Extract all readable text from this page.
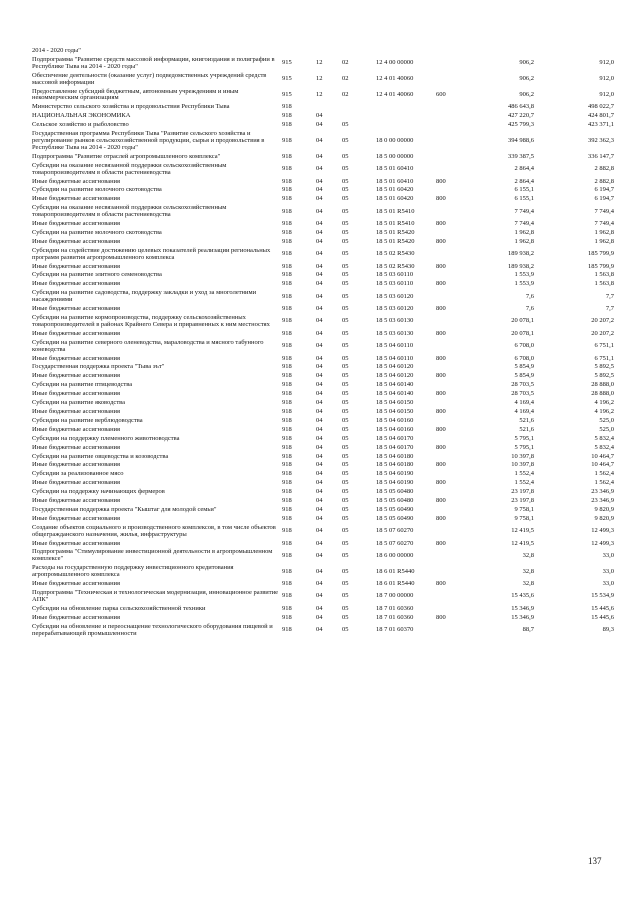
2014 - 2020 годы"							
Подпрограмма "Развитие средств массовой информации, книгоиздания и полиграфии в Республике Тыва на 2014 - 2020 годы"	915	12	02	12 4 00 00000		906,2	912,0
Обеспечение деятельности (оказание услуг) подведомственных учреждений средств массовой информации	915	12	02	12 4 01 40060		906,2	912,0
Предоставление субсидий бюджетным, автономным учреждениям и иным некоммерческим организациям	915	12	02	12 4 01 40060	600	906,2	912,0
Министерство сельского хозяйства и продовольствия Республики Тыва	918					486 643,8	498 022,7
НАЦИОНАЛЬНАЯ ЭКОНОМИКА	918	04				427 220,7	424 801,7
Сельское хозяйство и рыболовство	918	04	05			425 799,3	423 371,1
Государственная программа Республики Тыва "Развитие сельского хозяйства и регулирование рынков сельскохозяйственной продукции, сырья и продовольствия в Республике Тыва на 2014 - 2020 годы"	918	04	05	18 0 00 00000		394 988,6	392 362,3
Подпрограмма "Развитие отраслей агропромышленного комплекса"	918	04	05	18 5 00 00000		339 387,5	336 147,7
Субсидии на оказание несвязанной поддержки сельскохозяйственным товаропроизводителям в области растениеводства	918	04	05	18 5 01 60410		2 864,4	2 882,8
Иные бюджетные ассигнования	918	04	05	18 5 01 60410	800	2 864,4	2 882,8
Субсидии на развитие молочного скотоводства	918	04	05	18 5 01 60420		6 155,1	6 194,7
Иные бюджетные ассигнования	918	04	05	18 5 01 60420	800	6 155,1	6 194,7
Субсидии на оказание несвязанной поддержки сельскохозяйственным товаропроизводителям в области растениеводства	918	04	05	18 5 01 R5410		7 749,4	7 749,4
Иные бюджетные ассигнования	918	04	05	18 5 01 R5410	800	7 749,4	7 749,4
Субсидии на развитие молочного скотоводства	918	04	05	18 5 01 R5420		1 962,8	1 962,8
Иные бюджетные ассигнования	918	04	05	18 5 01 R5420	800	1 962,8	1 962,8
Субсидии на содействие достижению целевых показателей реализации региональных программ развития агропромышленного комплекса	918	04	05	18 5 02 R5430		189 938,2	185 799,9
Иные бюджетные ассигнования	918	04	05	18 5 02 R5430	800	189 938,2	185 799,9
Субсидии на развитие элитного семеноводства	918	04	05	18 5 03 60110		1 553,9	1 563,8
Иные бюджетные ассигнования	918	04	05	18 5 03 60110	800	1 553,9	1 563,8
Субсидии на развитие садоводства, поддержку закладки и уход за многолетними насаждениями	918	04	05	18 5 03 60120		7,6	7,7
Иные бюджетные ассигнования	918	04	05	18 5 03 60120	800	7,6	7,7
Субсидии на развитие кормопроизводства, поддержку сельскохозяйственных товаропроизводителей в районах Крайнего Севера и приравненных к ним местностях	918	04	05	18 5 03 60130		20 078,1	20 207,2
Иные бюджетные ассигнования	918	04	05	18 5 03 60130	800	20 078,1	20 207,2
Субсидии на развитие северного оленеводства, мараловодства и мясного табунного коневодства	918	04	05	18 5 04 60110		6 708,0	6 751,1
Иные бюджетные ассигнования	918	04	05	18 5 04 60110	800	6 708,0	6 751,1
Государственная поддержка проекта "Тыва эът"	918	04	05	18 5 04 60120		5 854,9	5 892,5
Иные бюджетные ассигнования	918	04	05	18 5 04 60120	800	5 854,9	5 892,5
Субсидии на развитие птицеводства	918	04	05	18 5 04 60140		28 703,5	28 888,0
Иные бюджетные ассигнования	918	04	05	18 5 04 60140	800	28 703,5	28 888,0
Субсидии на развитие яководства	918	04	05	18 5 04 60150		4 169,4	4 196,2
Иные бюджетные ассигнования	918	04	05	18 5 04 60150	800	4 169,4	4 196,2
Субсидии на развитие верблюдоводства	918	04	05	18 5 04 60160		521,6	525,0
Иные бюджетные ассигнования	918	04	05	18 5 04 60160	800	521,6	525,0
Субсидии на поддержку племенного животноводства	918	04	05	18 5 04 60170		5 795,1	5 832,4
Иные бюджетные ассигнования	918	04	05	18 5 04 60170	800	5 795,1	5 832,4
Субсидии на развитие овцеводства и козоводства	918	04	05	18 5 04 60180		10 397,8	10 464,7
Иные бюджетные ассигнования	918	04	05	18 5 04 60180	800	10 397,8	10 464,7
Субсидии за реализованное мясо	918	04	05	18 5 04 60190		1 552,4	1 562,4
Иные бюджетные ассигнования	918	04	05	18 5 04 60190	800	1 552,4	1 562,4
Субсидии на поддержку начинающих фермеров	918	04	05	18 5 05 60480		23 197,8	23 346,9
Иные бюджетные ассигнования	918	04	05	18 5 05 60480	800	23 197,8	23 346,9
Государственная поддержка проекта "Кыштаг для молодой семьи"	918	04	05	18 5 05 60490		9 758,1	9 820,9
Иные бюджетные ассигнования	918	04	05	18 5 05 60490	800	9 758,1	9 820,9
Создание объектов социального и производственного комплексов, в том числе объектов общегражданского назначения, жилья, инфраструктуры	918	04	05	18 5 07 60270		12 419,5	12 499,3
Иные бюджетные ассигнования	918	04	05	18 5 07 60270	800	12 419,5	12 499,3
Подпрограмма "Стимулирование инвестиционной деятельности в агропромышленном комплексе"	918	04	05	18 6 00 00000		32,8	33,0
Расходы на государственную поддержку инвестиционного кредитования агропромышленного комплекса	918	04	05	18 6 01 R5440		32,8	33,0
Иные бюджетные ассигнования	918	04	05	18 6 01 R5440	800	32,8	33,0
Подпрограмма "Техническая и технологическая модернизация, инновационное развитие АПК"	918	04	05	18 7 00 00000		15 435,6	15 534,9
Субсидии на обновление парка сельскохозяйственной техники	918	04	05	18 7 01 60360		15 346,9	15 445,6
Иные бюджетные ассигнования	918	04	05	18 7 01 60360	800	15 346,9	15 445,6
Субсидии на обновление и переоснащение технологического оборудования пищевой и перерабатывающей промышленности	918	04	05	18 7 01 60370		88,7	89,3
137
